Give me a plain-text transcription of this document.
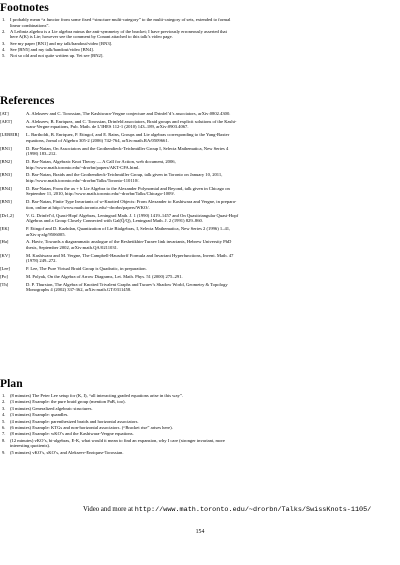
Footnotes
1. I probably mean “a functor from some fixed “structure multi-category” to the multi-category of sets, extended to formal
linear combinations”.
2. A Leibniz algebra is a Lie algebra minus the anti-symmetry of the bracket; I have previously erroneously asserted that
here A(K) is Lie; however see the comment by Conant attached to this talk’s video page.
3. See my paper [BN1] and my talk/handout/video [BN3].
4. See [BN5] and my talk/handout/video [BN4].
5. Not so old and not quite written up. Yet see [BN2].
References
[AT]	A. Alekseev and C. Torossian, The Kashiwara-Vergne conjecture and Drinfel’d’s associators, arXiv:0802.4300.
[AET]	A. Alekseev, B. Enriquez, and C. Torossian, Drinfeld associators, Braid groups and explicit solutions of the Kashi-
wara-Vergne equations, Pub. Math. de L’IHES 112-1 (2010) 143–189, arXiv:0903.4067.
[LEBEIR] L. Bartholdi, B. Enriquez, P. Etingof, and E. Rains, Groups and Lie algebras corresponding to the Yang-Baxter
equations, Jornal of Algebra 305-2 (2006) 742-764, arXiv:math.RA/0509661.
[BN1]	D. Bar-Natan, On Associators and the Grothendieck-Teichmüller Group I, Selecta Mathematica, New Series 4
(1998) 183–212.
[BN2]	D. Bar-Natan, Algebraic Knot Theory — A Call for Action, web document, 2006,
http://www.math.toronto.edu/~drorbn/papers/AKT-CFA.html.
[BN3]	D. Bar-Natan, Braids and the Grothendieck-Teichmüller Group, talk given in Toronto on January 10, 2011,
http://www.math.toronto.edu/~drorbn/Talks/Toronto-110110/.
[BN4]	D. Bar-Natan, From the ax + b Lie Algebra to the Alexander Polynomial and Beyond, talk given in Chicago on
September 11, 2010, http://www.math.toronto.edu/~drorbn/Talks/Chicago-1009/.
[BN5]	D. Bar-Natan, Finite Type Invariants of w-Knotted Objects: From Alexander to Kashiwara and Vergne, in prepara-
tion, online at http://www.math.toronto.edu/~drorbn/papers/WKO/.
[Dr1,2]	V. G. Drinfel’d, Quasi-Hopf Algebras, Leningrad Math. J. 1 (1990) 1419–1457 and On Quasitriangular Quasi-Hopf
Algebras and a Group Closely Connected with Gal(Q̄/Q), Leningrad Math. J. 2 (1991) 829–860.
[EK]	P. Etingof and D. Kazhdan, Quantization of Lie Bialgebras, I, Selecta Mathematica, New Series 2 (1996) 1–41,
arXiv:q-alg/9506005.
[Ha]	A. Haviv, Towards a diagrammatic analogue of the Reshetikhin-Turaev link invariants, Hebrew University PhD
thesis, September 2002, arXiv:math.QA/0211031.
[KV]	M. Kashiwara and M. Vergne, The Campbell-Hausdorff Formula and Invariant Hyperfunctions, Invent. Math. 47
(1978) 249–272.
[Lee]	P. Lee, The Pure Virtual Braid Group is Quadratic, in preparation.
[Po]	M. Polyak, On the Algebra of Arrow Diagrams, Let. Math. Phys. 51 (2000) 275–291.
[Th]	D. P. Thurston, The Algebra of Knotted Trivalent Graphs and Turaev’s Shadow World, Geometry & Topology
Monographs 4 (2002) 337-362, arXiv:math.GT/0311458.
Plan
1. (8 minutes) The Peter Lee setup for (K, I), “all interacting graded equations arise in this way”.
2. (3 minutes) Example: the pure braid group (mention PaB, too).
3. (3 minutes) Generalized algebraic structures.
4. (3 minutes) Example: quandles.
5. (4 minutes) Example: parenthesized braids and horizontal associators.
6. (6 minutes) Example: KTGs and non-horizontal associators. (“Bracket rise” arises here).
7. (8 minutes) Example: wKO’s and the Kashiwara-Vergne equations.
8. (12 minutes) vKO’s, bi-algebras, E-K, what would it mean to find an expansion, why I care (stronger invariant, more
interesting quotients).
9. (5 minutes) vKO’s, sKO’s, and Alekseev-Enriquez-Torossian.
Video and more at http://www.math.toronto.edu/~drorbn/Talks/SwissKnots-1105/
154
